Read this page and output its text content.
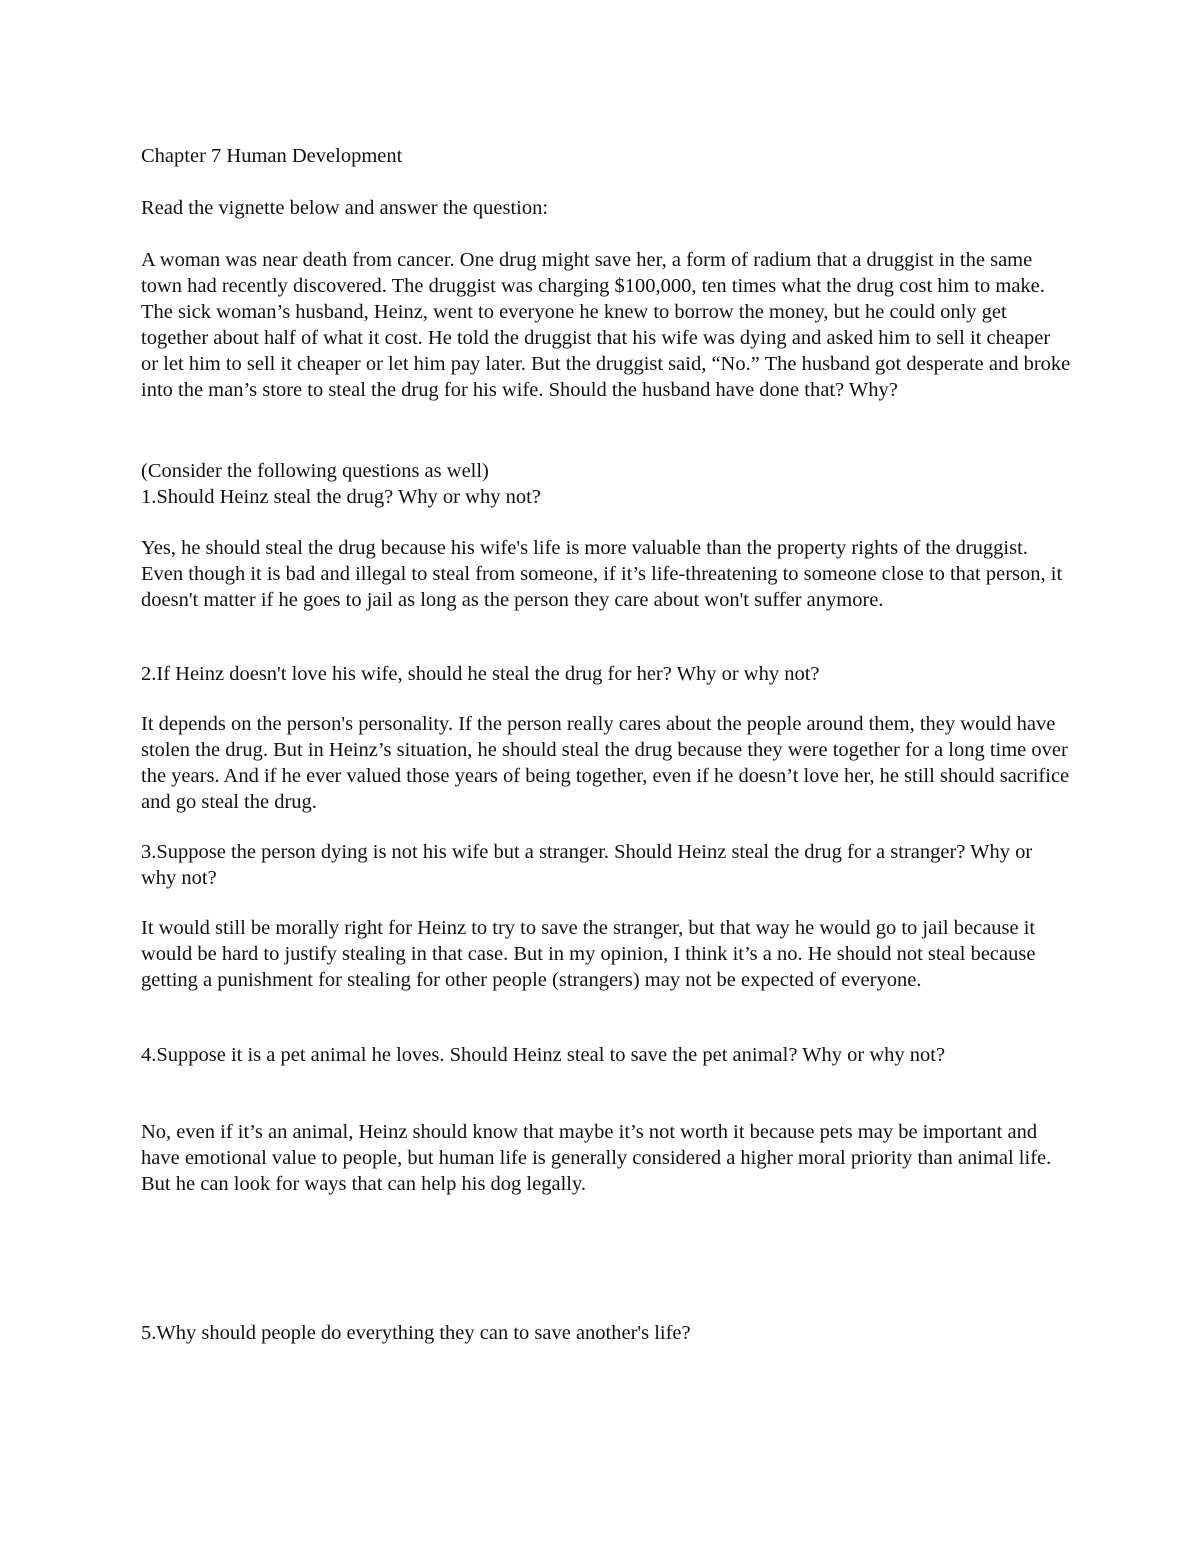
Chapter 7 Human Development

Read the vignette below and answer the question:

A woman was near death from cancer. One drug might save her, a form of radium that a druggist in the same town had recently discovered. The druggist was charging $100,000, ten times what the drug cost him to make. The sick woman’s husband, Heinz, went to everyone he knew to borrow the money, but he could only get together about half of what it cost. He told the druggist that his wife was dying and asked him to sell it cheaper or let him to sell it cheaper or let him pay later. But the druggist said, “No.” The husband got desperate and broke into the man’s store to steal the drug for his wife. Should the husband have done that? Why?

(Consider the following questions as well)

1.Should Heinz steal the drug? Why or why not?

Yes, he should steal the drug because his wife's life is more valuable than the property rights of the druggist. Even though it is bad and illegal to steal from someone, if it’s life-threatening to someone close to that person, it doesn't matter if he goes to jail as long as the person they care about won't suffer anymore.

2.If Heinz doesn't love his wife, should he steal the drug for her? Why or why not?

It depends on the person's personality. If the person really cares about the people around them, they would have stolen the drug. But in Heinz’s situation, he should steal the drug because they were together for a long time over the years. And if he ever valued those years of being together, even if he doesn’t love her, he still should sacrifice and go steal the drug.

3.Suppose the person dying is not his wife but a stranger. Should Heinz steal the drug for a stranger? Why or why not?

It would still be morally right for Heinz to try to save the stranger, but that way he would go to jail because it would be hard to justify stealing in that case. But in my opinion, I think it’s a no. He should not steal because getting a punishment for stealing for other people (strangers) may not be expected of everyone.

4.Suppose it is a pet animal he loves. Should Heinz steal to save the pet animal? Why or why not?

No, even if it’s an animal, Heinz should know that maybe it’s not worth it because pets may be important and have emotional value to people, but human life is generally considered a higher moral priority than animal life. But he can look for ways that can help his dog legally.

5.Why should people do everything they can to save another's life?
